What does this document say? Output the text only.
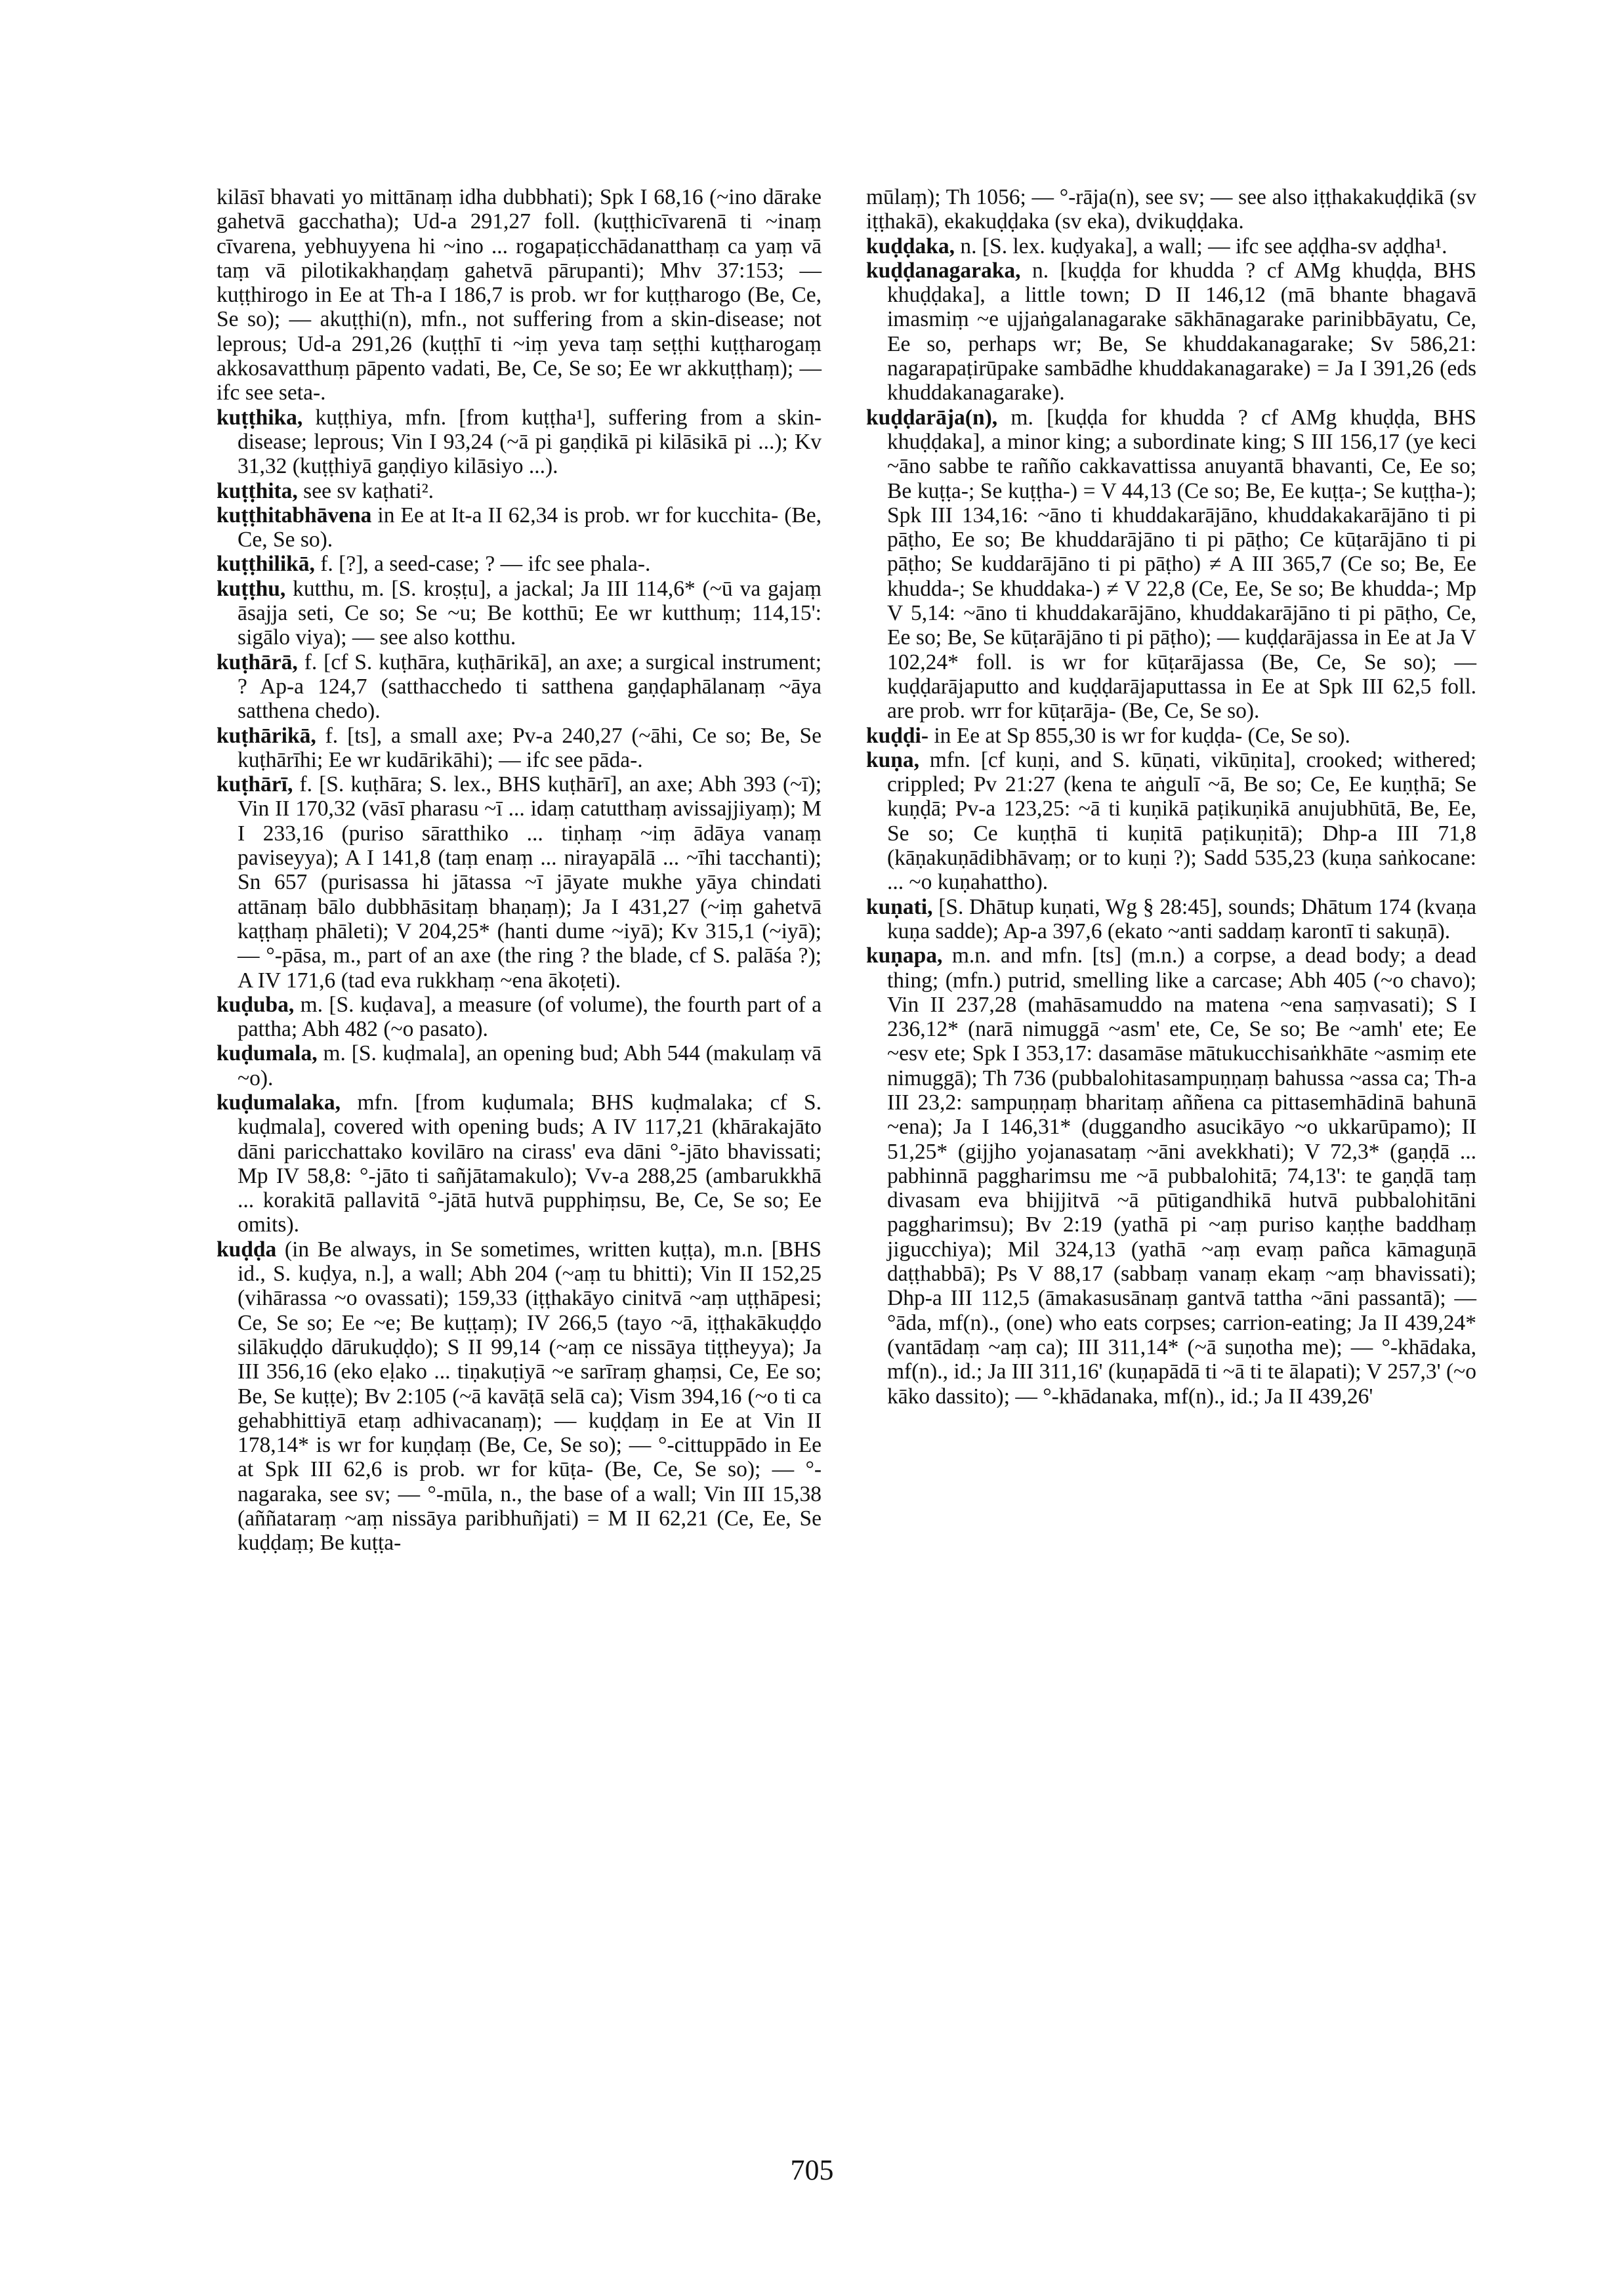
kilāsī bhavati yo mittānaṃ idha dubbhati); Spk I 68,16 (~ino dārake gahetvā gacchatha); Ud-a 291,27 foll. (kuṭṭhicīvarenā ti ~inaṃ cīvarena, yebhuyyena hi ~ino ... rogapaṭicchādanatthaṃ ca yaṃ vā taṃ vā pilotikakhaṇḍaṃ gahetvā pārupanti); Mhv 37:153; — kuṭṭhirogo in Ee at Th-a I 186,7 is prob. wr for kuṭṭharogo (Be, Ce, Se so); — akuṭṭhi(n), mfn., not suffering from a skin-disease; not leprous; Ud-a 291,26 (kuṭṭhī ti ~iṃ yeva taṃ seṭṭhi kuṭṭharogaṃ akkosavatthuṃ pāpento vadati, Be, Ce, Se so; Ee wr akkuṭṭhaṃ); — ifc see seta-.

kuṭṭhika, kuṭṭhiya, mfn. [from kuṭṭha¹], suffering from a skin-disease; leprous; Vin I 93,24 (~ā pi gaṇḍikā pi kilāsikā pi ...); Kv 31,32 (kuṭṭhiyā gaṇḍiyo kilāsiyo ...).

kuṭṭhita, see sv kaṭhati².

kuṭṭhitabhāvena in Ee at It-a II 62,34 is prob. wr for kucchita- (Be, Ce, Se so).

kuṭṭhilikā, f. [?], a seed-case; ? — ifc see phala-.

kuṭṭhu, kutthu, m. [S. kroṣṭu], a jackal; Ja III 114,6* (~ū va gajaṃ āsajja seti, Ce so; Se ~u; Be kotthū; Ee wr kutthuṃ; 114,15': sigālo viya); — see also kotthu.

kuṭhārā, f. [cf S. kuṭhāra, kuṭhārikā], an axe; a surgical instrument; ? Ap-a 124,7 (satthacchedo ti satthena gaṇḍaphālanaṃ ~āya satthena chedo).

kuṭhārikā, f. [ts], a small axe; Pv-a 240,27 (~āhi, Ce so; Be, Se kuṭhārīhi; Ee wr kudārikāhi); — ifc see pāda-.

kuṭhārī, f. [S. kuṭhāra; S. lex., BHS kuṭhārī], an axe; Abh 393 (~ī); Vin II 170,32 (vāsī pharasu ~ī ... idaṃ catutthaṃ avissajjiyaṃ); M I 233,16 (puriso sāratthiko ... tiṇhaṃ ~iṃ ādāya vanaṃ paviseyya); A I 141,8 (taṃ enaṃ ... nirayapālā ... ~īhi tacchanti); Sn 657 (purisassa hi jātassa ~ī jāyate mukhe yāya chindati attānaṃ bālo dubbhāsitaṃ bhaṇaṃ); Ja I 431,27 (~iṃ gahetvā kaṭṭhaṃ phāleti); V 204,25* (hanti dume ~iyā); Kv 315,1 (~iyā); — °-pāsa, m., part of an axe (the ring ? the blade, cf S. palāśa ?); A IV 171,6 (tad eva rukkhaṃ ~ena ākoṭeti).

kuḍuba, m. [S. kuḍava], a measure (of volume), the fourth part of a pattha; Abh 482 (~o pasato).

kuḍumala, m. [S. kuḍmala], an opening bud; Abh 544 (makulaṃ vā ~o).

kuḍumalaka, mfn. [from kuḍumala; BHS kuḍmalaka; cf S. kuḍmala], covered with opening buds; A IV 117,21 (khārakajāto dāni paricchattako kovilāro na cirass' eva dāni °-jāto bhavissati; Mp IV 58,8: °-jāto ti sañjātamakulo); Vv-a 288,25 (ambarukkhā ... korakitā pallavitā °-jātā hutvā pupphiṃsu, Be, Ce, Se so; Ee omits).

kuḍḍa (in Be always, in Se sometimes, written kuṭṭa), m.n. [BHS id., S. kuḍya, n.], a wall; Abh 204 (~aṃ tu bhitti); Vin II 152,25 (vihārassa ~o ovassati); 159,33 (iṭṭhakāyo cinitvā ~aṃ uṭṭhāpesi; Ce, Se so; Ee ~e; Be kuṭṭaṃ); IV 266,5 (tayo ~ā, iṭṭhakākuḍḍo silākuḍḍo dārukuḍḍo); S II 99,14 (~aṃ ce nissāya tiṭṭheyya); Ja III 356,16 (eko eḷako ... tiṇakuṭiyā ~e sarīraṃ ghaṃsi, Ce, Ee so; Be, Se kuṭṭe); Bv 2:105 (~ā kavāṭā selā ca); Vism 394,16 (~o ti ca gehabhittiyā etaṃ adhivacanaṃ); — kuḍḍaṃ in Ee at Vin II 178,14* is wr for kuṇḍaṃ (Be, Ce, Se so); — °-cittuppādo in Ee at Spk III 62,6 is prob. wr for kūṭa- (Be, Ce, Se so); — °-nagaraka, see sv; — °-mūla, n., the base of a wall; Vin III 15,38 (aññataraṃ ~aṃ nissāya paribhuñjati) = M II 62,21 (Ce, Ee, Se kuḍḍaṃ; Be kuṭṭa-

mūlaṃ); Th 1056; — °-rāja(n), see sv; — see also iṭṭhakakuḍḍikā (sv iṭṭhakā), ekakuḍḍaka (sv eka), dvikuḍḍaka.

kuḍḍaka, n. [S. lex. kuḍyaka], a wall; — ifc see aḍḍha-sv aḍḍha¹.

kuḍḍanagaraka, n. [kuḍḍa for khudda ? cf AMg khuḍḍa, BHS khuḍḍaka], a little town; D II 146,12 (mā bhante bhagavā imasmiṃ ~e ujjaṅgalanagarake sākhānagarake parinibbāyatu, Ce, Ee so, perhaps wr; Be, Se khuddakanagarake; Sv 586,21: nagarapaṭirūpake sambādhe khuddakanagarake) = Ja I 391,26 (eds khuddakanagarake).

kuḍḍarāja(n), m. [kuḍḍa for khudda ? cf AMg khuḍḍa, BHS khuḍḍaka], a minor king; a subordinate king; S III 156,17 (ye keci ~āno sabbe te rañño cakkavattissa anuyantā bhavanti, Ce, Ee so; Be kuṭṭa-; Se kuṭṭha-) = V 44,13 (Ce so; Be, Ee kuṭṭa-; Se kuṭṭha-); Spk III 134,16: ~āno ti khuddakarājāno, khuddakakarājāno ti pi pāṭho, Ee so; Be khuddarājāno ti pi pāṭho; Ce kūṭarājāno ti pi pāṭho; Se kuddarājāno ti pi pāṭho) ≠ A III 365,7 (Ce so; Be, Ee khudda-; Se khuddaka-) ≠ V 22,8 (Ce, Ee, Se so; Be khudda-; Mp V 5,14: ~āno ti khuddakarājāno, khuddakarājāno ti pi pāṭho, Ce, Ee so; Be, Se kūṭarājāno ti pi pāṭho); — kuḍḍarājassa in Ee at Ja V 102,24* foll. is wr for kūṭarājassa (Be, Ce, Se so); — kuḍḍarājaputto and kuḍḍarājaputtassa in Ee at Spk III 62,5 foll. are prob. wrr for kūṭarāja- (Be, Ce, Se so).

kuḍḍi- in Ee at Sp 855,30 is wr for kuḍḍa- (Ce, Se so).

kuṇa, mfn. [cf kuṇi, and S. kūṇati, vikūṇita], crooked; withered; crippled; Pv 21:27 (kena te aṅgulī ~ā, Be so; Ce, Ee kuṇṭhā; Se kuṇḍā; Pv-a 123,25: ~ā ti kuṇikā paṭikuṇikā anujubhūtā, Be, Ee, Se so; Ce kuṇṭhā ti kuṇitā paṭikuṇitā); Dhp-a III 71,8 (kāṇakuṇādibhāvaṃ; or to kuṇi ?); Sadd 535,23 (kuṇa saṅkocane: ... ~o kuṇahattho).

kuṇati, [S. Dhātup kuṇati, Wg § 28:45], sounds; Dhātum 174 (kvaṇa kuṇa sadde); Ap-a 397,6 (ekato ~anti saddaṃ karontī ti sakuṇā).

kuṇapa, m.n. and mfn. [ts] (m.n.) a corpse, a dead body; a dead thing; (mfn.) putrid, smelling like a carcase; Abh 405 (~o chavo); Vin II 237,28 (mahāsamuddo na matena ~ena saṃvasati); S I 236,12* (narā nimuggā ~asm' ete, Ce, Se so; Be ~amh' ete; Ee ~esv ete; Spk I 353,17: dasamāse mātukucchisaṅkhāte ~asmiṃ ete nimuggā); Th 736 (pubbalohitasampuṇṇaṃ bahussa ~assa ca; Th-a III 23,2: sampuṇṇaṃ bharitaṃ aññena ca pittasemhādinā bahunā ~ena); Ja I 146,31* (duggandho asucikāyo ~o ukkarūpamo); II 51,25* (gijjho yojanasataṃ ~āni avekkhati); V 72,3* (gaṇḍā ... pabhinnā paggharimsu me ~ā pubbalohitā; 74,13': te gaṇḍā taṃ divasam eva bhijjitvā ~ā pūtigandhikā hutvā pubbalohitāni paggharimsu); Bv 2:19 (yathā pi ~aṃ puriso kaṇṭhe baddhaṃ jigucchiya); Mil 324,13 (yathā ~aṃ evaṃ pañca kāmaguṇā daṭṭhabbā); Ps V 88,17 (sabbaṃ vanaṃ ekaṃ ~aṃ bhavissati); Dhp-a III 112,5 (āmakasusānaṃ gantvā tattha ~āni passantā); — °āda, mf(n)., (one) who eats corpses; carrion-eating; Ja II 439,24* (vantādaṃ ~aṃ ca); III 311,14* (~ā suṇotha me); — °-khādaka, mf(n)., id.; Ja III 311,16' (kuṇapādā ti ~ā ti te ālapati); V 257,3' (~o kāko dassito); — °-khādanaka, mf(n)., id.; Ja II 439,26'

705
